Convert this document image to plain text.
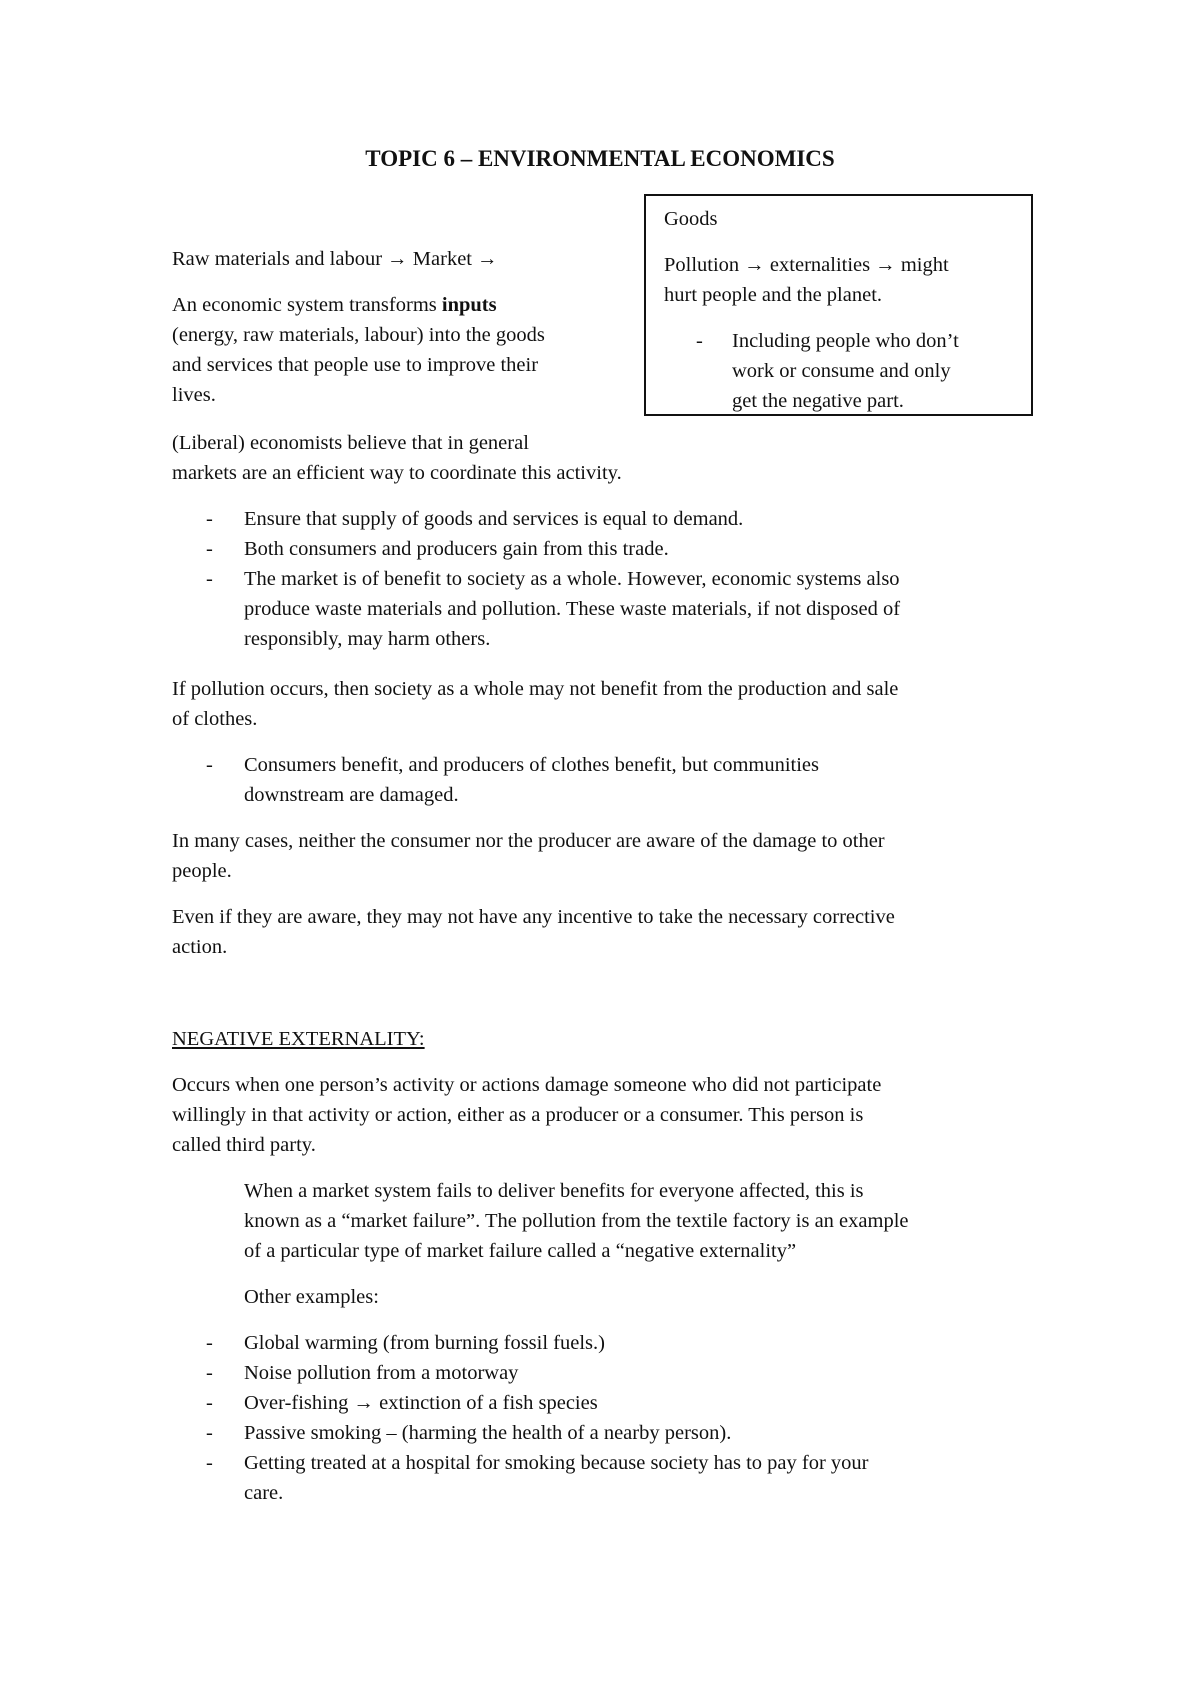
TOPIC 6 – ENVIRONMENTAL ECONOMICS
Goods
Pollution → externalities → might
hurt people and the planet.
- Including people who don’t
work or consume and only
get the negative part.
Raw materials and labour → Market →
An economic system transforms inputs
(energy, raw materials, labour) into the goods
and services that people use to improve their
lives.
(Liberal) economists believe that in general
markets are an efficient way to coordinate this activity.
- Ensure that supply of goods and services is equal to demand.
- Both consumers and producers gain from this trade.
- The market is of benefit to society as a whole. However, economic systems also
produce waste materials and pollution. These waste materials, if not disposed of
responsibly, may harm others.
If pollution occurs, then society as a whole may not benefit from the production and sale
of clothes.
- Consumers benefit, and producers of clothes benefit, but communities
downstream are damaged.
In many cases, neither the consumer nor the producer are aware of the damage to other
people.
Even if they are aware, they may not have any incentive to take the necessary corrective
action.
NEGATIVE EXTERNALITY:
Occurs when one person’s activity or actions damage someone who did not participate
willingly in that activity or action, either as a producer or a consumer. This person is
called third party.
When a market system fails to deliver benefits for everyone affected, this is
known as a “market failure”. The pollution from the textile factory is an example
of a particular type of market failure called a “negative externality”
Other examples:
- Global warming (from burning fossil fuels.)
- Noise pollution from a motorway
- Over-fishing → extinction of a fish species
- Passive smoking – (harming the health of a nearby person).
- Getting treated at a hospital for smoking because society has to pay for your
care.
